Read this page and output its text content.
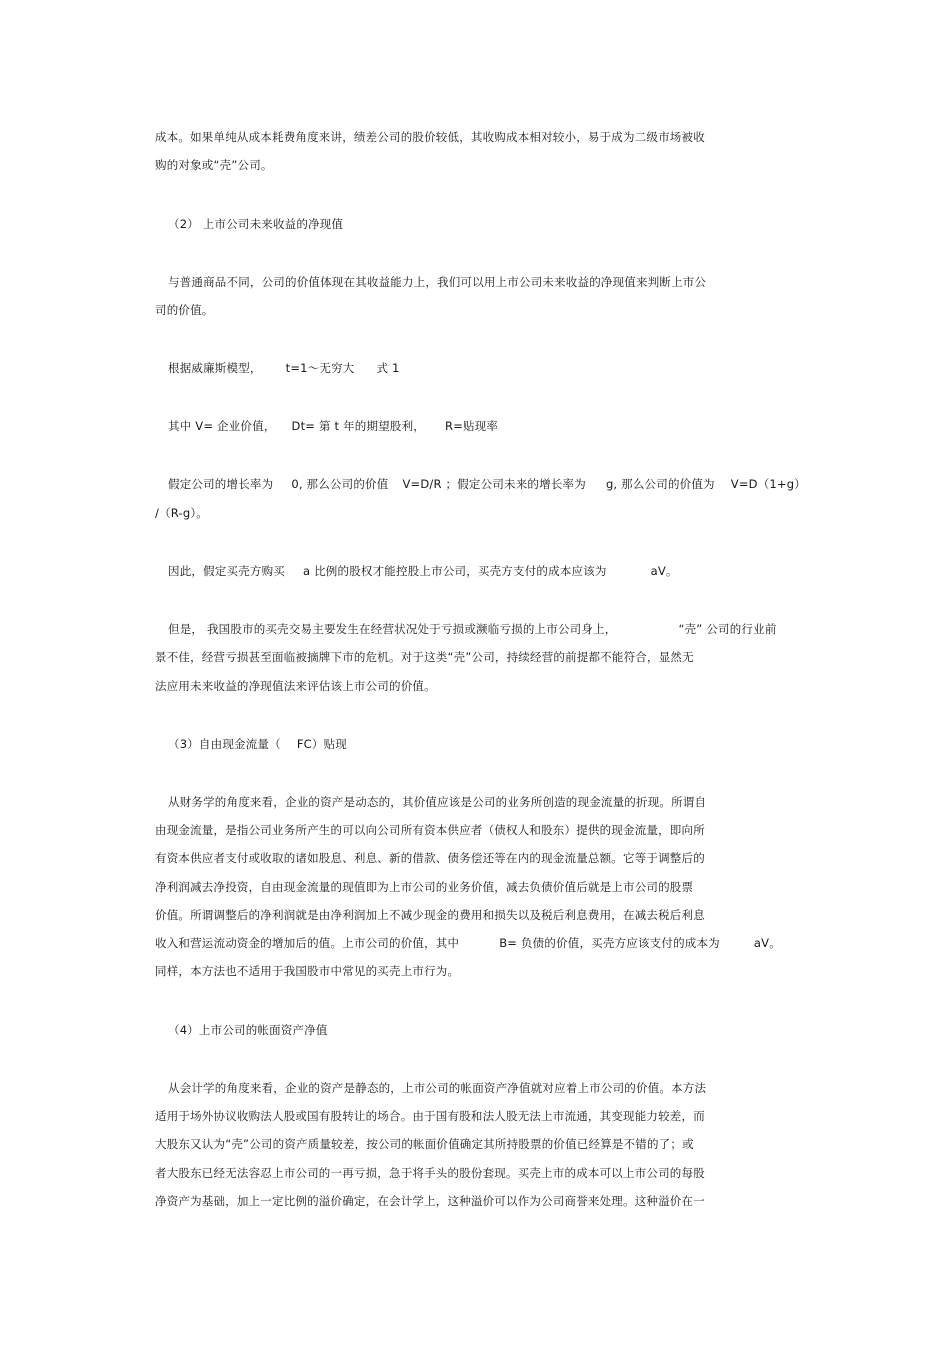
成本。如果单纯从成本耗费角度来讲，绩差公司的股价较低，其收购成本相对较小，易于成为二级市场被收
购的对象或“壳”公司。
（2） 上市公司未来收益的净现值
与普通商品不同，公司的价值体现在其收益能力上，我们可以用上市公司未来收益的净现值来判断上市公
司的价值。
根据威廉斯模型， t=1～无穷大 式 1
其中 V= 企业价值， Dt= 第 t 年的期望股利， R=贴现率
假定公司的增长率为 0, 那么公司的价值 V=D/R ；假定公司未来的增长率为 g, 那么公司的价值为 V=D（1+g）
/（R-g）。
因此，假定买壳方购买 a 比例的股权才能控股上市公司，买壳方支付的成本应该为	aV。
但是， 我国股市的买壳交易主要发生在经营状况处于亏损或濒临亏损的上市公司身上，	“壳” 公司的行业前
景不佳，经营亏损甚至面临被摘牌下市的危机。对于这类“壳”公司，持续经营的前提都不能符合，显然无
法应用未来收益的净现值法来评估该上市公司的价值。
（3）自由现金流量（ FC）贴现
从财务学的角度来看，企业的资产是动态的，其价值应该是公司的业务所创造的现金流量的折现。所谓自
由现金流量，是指公司业务所产生的可以向公司所有资本供应者（债权人和股东）提供的现金流量，即向所
有资本供应者支付或收取的诸如股息、利息、新的借款、债务偿还等在内的现金流量总额。它等于调整后的
净利润减去净投资，自由现金流量的现值即为上市公司的业务价值，减去负债价值后就是上市公司的股票
价值。所谓调整后的净利润就是由净利润加上不减少现金的费用和损失以及税后利息费用，在减去税后利息
收入和营运流动资金的增加后的值。上市公司的价值，其中	B= 负债的价值，买壳方应该支付的成本为	aV。
同样，本方法也不适用于我国股市中常见的买壳上市行为。
（4）上市公司的帐面资产净值
从会计学的角度来看，企业的资产是静态的，上市公司的帐面资产净值就对应着上市公司的价值。本方法
适用于场外协议收购法人股或国有股转让的场合。由于国有股和法人股无法上市流通，其变现能力较差，而
大股东又认为“壳”公司的资产质量较差，按公司的帐面价值确定其所持股票的价值已经算是不错的了；或
者大股东已经无法容忍上市公司的一再亏损，急于将手头的股份套现。买壳上市的成本可以上市公司的每股
净资产为基础，加上一定比例的溢价确定，在会计学上，这种溢价可以作为公司商誉来处理。这种溢价在一
